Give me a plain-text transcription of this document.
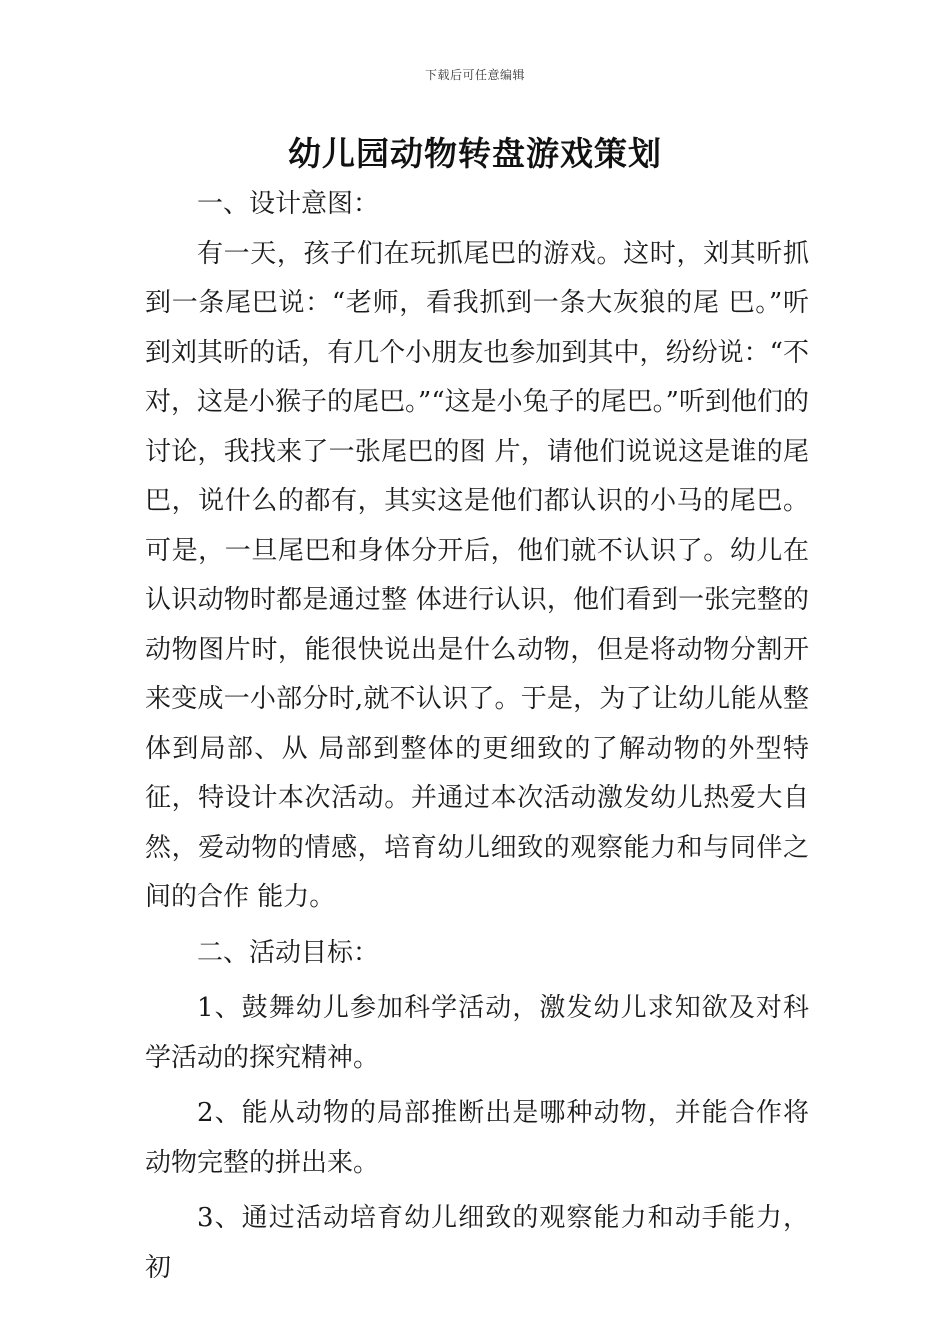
下载后可任意编辑
幼儿园动物转盘游戏策划

一、设计意图：

有一天，孩子们在玩抓尾巴的游戏。这时，刘其昕抓到一条尾巴说：“老师，看我抓到一条大灰狼的尾 巴。”听到刘其昕的话，有几个小朋友也参加到其中，纷纷说：“不对，这是小猴子的尾巴。”“这是小兔子的尾巴。”听到他们的讨论，我找来了一张尾巴的图 片，请他们说说这是谁的尾巴，说什么的都有，其实这是他们都认识的小马的尾巴。可是，一旦尾巴和身体分开后，他们就不认识了。幼儿在认识动物时都是通过整 体进行认识，他们看到一张完整的动物图片时，能很快说出是什么动物，但是将动物分割开来变成一小部分时,就不认识了。于是，为了让幼儿能从整体到局部、从 局部到整体的更细致的了解动物的外型特征，特设计本次活动。并通过本次活动激发幼儿热爱大自然，爱动物的情感，培育幼儿细致的观察能力和与同伴之间的合作 能力。

二、活动目标：

1、鼓舞幼儿参加科学活动，激发幼儿求知欲及对科学活动的探究精神。

2、能从动物的局部推断出是哪种动物，并能合作将动物完整的拼出来。

3、通过活动培育幼儿细致的观察能力和动手能力，初
